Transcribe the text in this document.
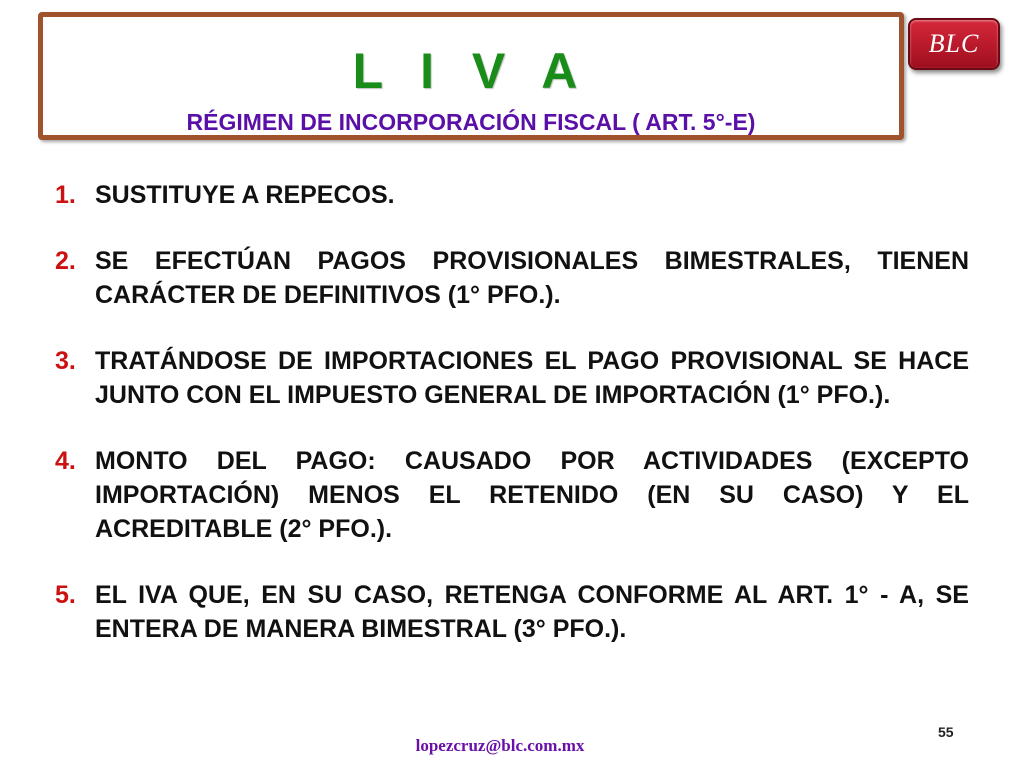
L I V A
RÉGIMEN DE INCORPORACIÓN FISCAL ( ART. 5°-E)
BLC
1. SUSTITUYE A REPECOS.
2. SE EFECTÚAN PAGOS PROVISIONALES BIMESTRALES, TIENEN CARÁCTER DE DEFINITIVOS (1° PFO.).
3. TRATÁNDOSE DE IMPORTACIONES EL PAGO PROVISIONAL SE HACE JUNTO CON EL IMPUESTO GENERAL DE IMPORTACIÓN (1° PFO.).
4. MONTO DEL PAGO: CAUSADO POR ACTIVIDADES (EXCEPTO IMPORTACIÓN) MENOS EL RETENIDO (EN SU CASO) Y EL ACREDITABLE (2° PFO.).
5. EL IVA QUE, EN SU CASO, RETENGA CONFORME AL ART. 1° - A, SE ENTERA DE MANERA BIMESTRAL (3° PFO.).
55
lopezcruz@blc.com.mx
